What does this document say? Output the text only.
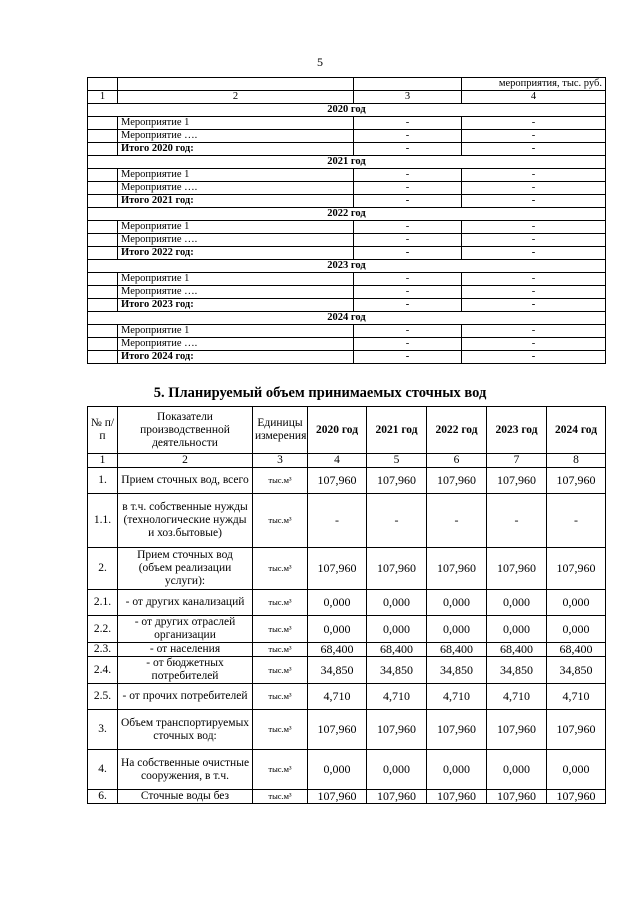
5
			мероприятия, тыс. руб.
1	2	3	4
2020 год			
	Мероприятие 1	-	-
	Мероприятие ….	-	-
	Итого 2020 год:	-	-
2021 год			
	Мероприятие 1	-	-
	Мероприятие ….	-	-
	Итого 2021 год:	-	-
2022 год			
	Мероприятие 1	-	-
	Мероприятие ….	-	-
	Итого 2022 год:	-	-
2023 год			
	Мероприятие 1	-	-
	Мероприятие ….	-	-
	Итого 2023 год:	-	-
2024 год			
	Мероприятие 1	-	-
	Мероприятие ….	-	-
	Итого 2024 год:	-	-
5. Планируемый объем принимаемых сточных вод
№ п/п	Показатели производственной деятельности	Единицы измерения	2020 год	2021 год	2022 год	2023 год	2024 год
1	2	3	4	5	6	7	8
1.	Прием сточных вод, всего	тыс.м³	107,960	107,960	107,960	107,960	107,960
1.1.	в т.ч. собственные нужды (технологические нужды и хоз.бытовые)	тыс.м³	-	-	-	-	-
2.	Прием сточных вод (объем реализации услуги):	тыс.м³	107,960	107,960	107,960	107,960	107,960
2.1.	- от других канализаций	тыс.м³	0,000	0,000	0,000	0,000	0,000
2.2.	- от других отраслей организации	тыс.м³	0,000	0,000	0,000	0,000	0,000
2.3.	- от населения	тыс.м³	68,400	68,400	68,400	68,400	68,400
2.4.	- от бюджетных потребителей	тыс.м³	34,850	34,850	34,850	34,850	34,850
2.5.	- от прочих потребителей	тыс.м³	4,710	4,710	4,710	4,710	4,710
3.	Объем транспортируемых сточных вод:	тыс.м³	107,960	107,960	107,960	107,960	107,960
4.	На собственные очистные сооружения, в т.ч.	тыс.м³	0,000	0,000	0,000	0,000	0,000
6.	Сточные воды без	тыс.м³	107,960	107,960	107,960	107,960	107,960
